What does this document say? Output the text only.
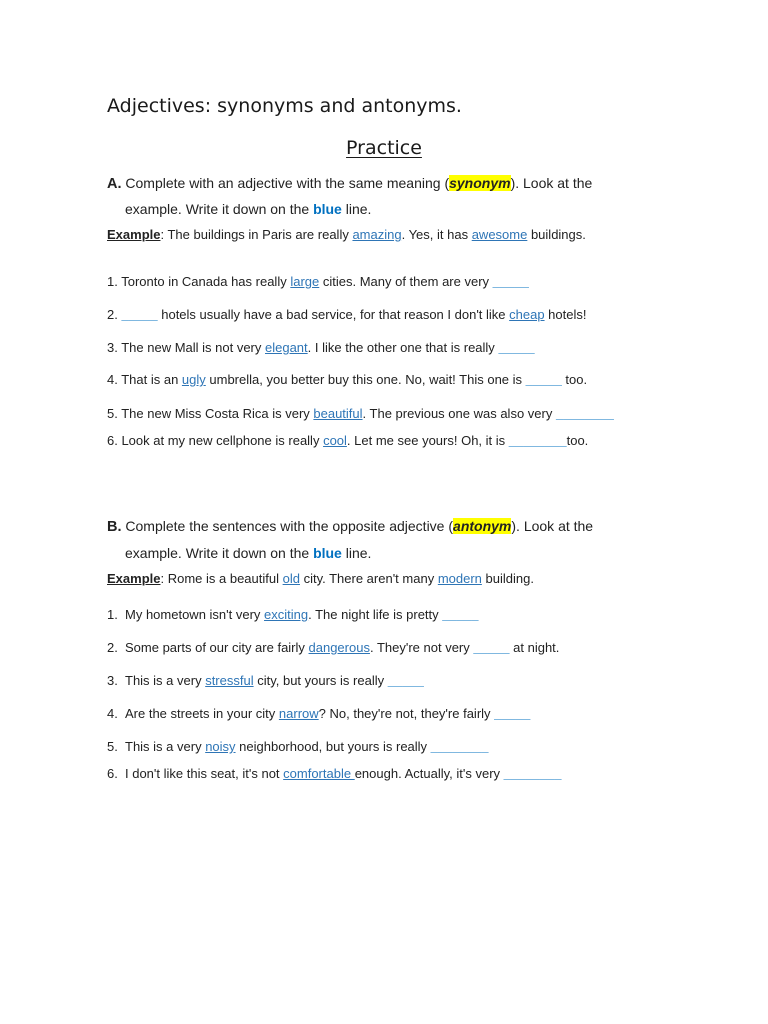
Adjectives: synonyms and antonyms.
Practice
A. Complete with an adjective with the same meaning (synonym). Look at the
example. Write it down on the blue line.
Example: The buildings in Paris are really amazing. Yes, it has awesome buildings.
1. Toronto in Canada has really large cities. Many of them are very _____
2. _____ hotels usually have a bad service, for that reason I don't like cheap hotels!
3. The new Mall is not very elegant. I like the other one that is really _____
4. That is an ugly umbrella, you better buy this one. No, wait! This one is _____ too.
5. The new Miss Costa Rica is very beautiful. The previous one was also very ________
6. Look at my new cellphone is really cool. Let me see yours! Oh, it is ________too.
B. Complete the sentences with the opposite adjective (antonym). Look at the
example. Write it down on the blue line.
Example: Rome is a beautiful old city. There aren't many modern building.
1. My hometown isn't very exciting. The night life is pretty _____
2. Some parts of our city are fairly dangerous. They're not very _____ at night.
3. This is a very stressful city, but yours is really _____
4. Are the streets in your city narrow? No, they're not, they're fairly _____
5. This is a very noisy neighborhood, but yours is really ________
6. I don't like this seat, it's not comfortable enough. Actually, it's very ________
